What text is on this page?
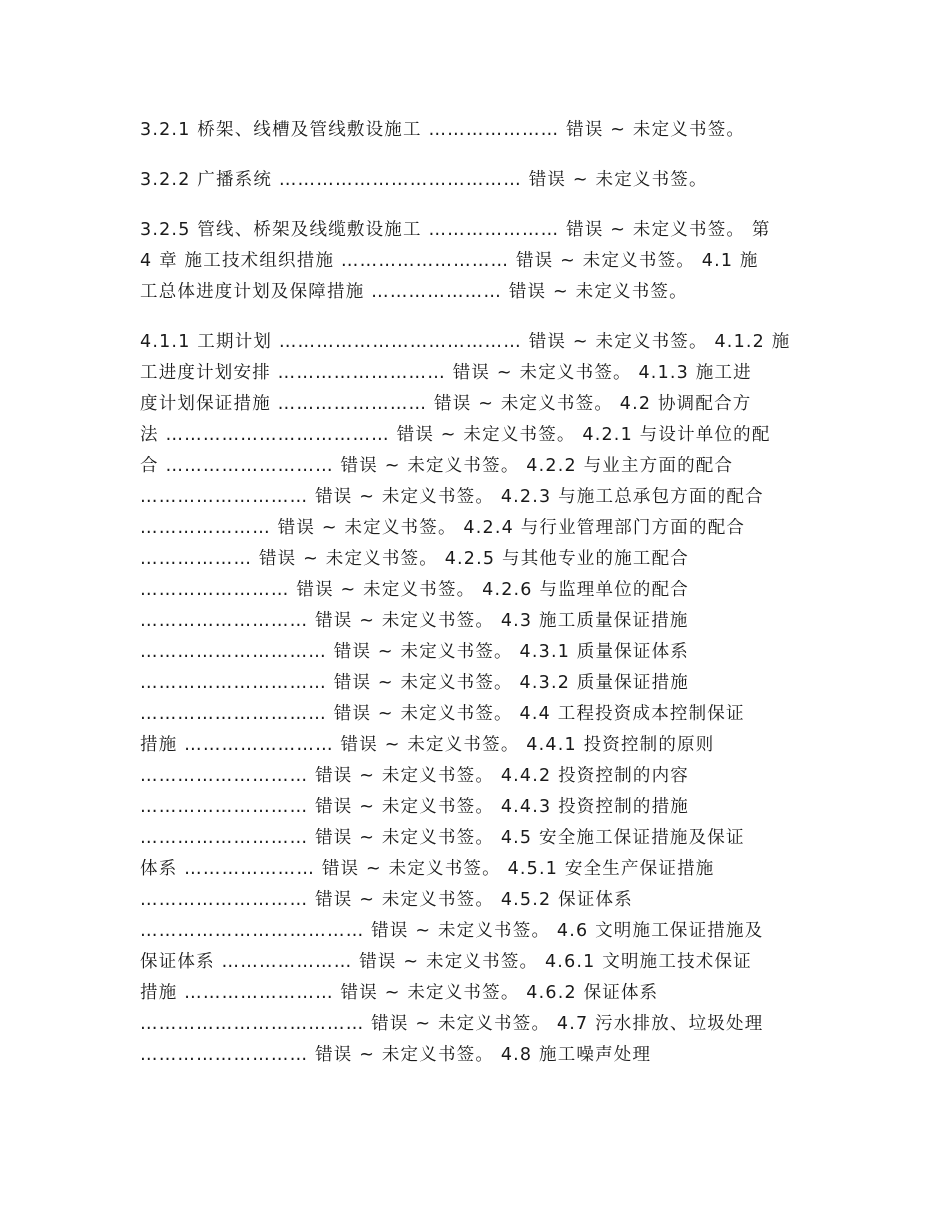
3.2.1 桥架、线槽及管线敷设施工 ………………… 错误 ~ 未定义书签。
3.2.2 广播系统 ………………………………… 错误 ~ 未定义书签。
3.2.5 管线、桥架及线缆敷设施工 ………………… 错误 ~ 未定义书签。 第
4 章 施工技术组织措施 ……………………… 错误 ~ 未定义书签。 4.1 施
工总体进度计划及保障措施 ………………… 错误 ~ 未定义书签。
4.1.1 工期计划 ………………………………… 错误 ~ 未定义书签。 4.1.2 施
工进度计划安排 ……………………… 错误 ~ 未定义书签。 4.1.3 施工进
度计划保证措施 …………………… 错误 ~ 未定义书签。 4.2 协调配合方
法 ……………………………… 错误 ~ 未定义书签。 4.2.1 与设计单位的配
合 ……………………… 错误 ~ 未定义书签。 4.2.2 与业主方面的配合
……………………… 错误 ~ 未定义书签。 4.2.3 与施工总承包方面的配合
………………… 错误 ~ 未定义书签。 4.2.4 与行业管理部门方面的配合
……………… 错误 ~ 未定义书签。 4.2.5 与其他专业的施工配合
…………………… 错误 ~ 未定义书签。 4.2.6 与监理单位的配合
……………………… 错误 ~ 未定义书签。 4.3 施工质量保证措施
………………………… 错误 ~ 未定义书签。 4.3.1 质量保证体系
………………………… 错误 ~ 未定义书签。 4.3.2 质量保证措施
………………………… 错误 ~ 未定义书签。 4.4 工程投资成本控制保证
措施 …………………… 错误 ~ 未定义书签。 4.4.1 投资控制的原则
……………………… 错误 ~ 未定义书签。 4.4.2 投资控制的内容
……………………… 错误 ~ 未定义书签。 4.4.3 投资控制的措施
……………………… 错误 ~ 未定义书签。 4.5 安全施工保证措施及保证
体系 ………………… 错误 ~ 未定义书签。 4.5.1 安全生产保证措施
……………………… 错误 ~ 未定义书签。 4.5.2 保证体系
……………………………… 错误 ~ 未定义书签。 4.6 文明施工保证措施及
保证体系 ………………… 错误 ~ 未定义书签。 4.6.1 文明施工技术保证
措施 …………………… 错误 ~ 未定义书签。 4.6.2 保证体系
……………………………… 错误 ~ 未定义书签。 4.7 污水排放、垃圾处理
……………………… 错误 ~ 未定义书签。 4.8 施工噪声处理
